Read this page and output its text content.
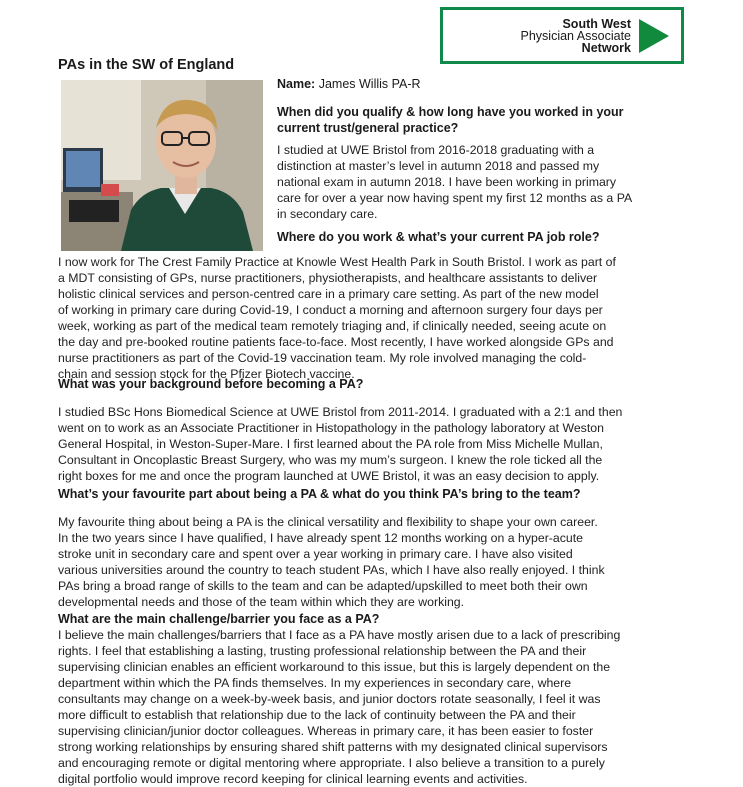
South West
Physician Associate
Network
PAs in the SW of England
Name: James Willis PA-R
When did you qualify & how long have you worked in your
current trust/general practice?
I studied at UWE Bristol from 2016-2018 graduating with a
distinction at master’s level in autumn 2018 and passed my
national exam in autumn 2018. I have been working in primary
care for over a year now having spent my first 12 months as a PA
in secondary care.
Where do you work & what’s your current PA job role?
I now work for The Crest Family Practice at Knowle West Health Park in South Bristol. I work as part of
a MDT consisting of GPs, nurse practitioners, physiotherapists, and healthcare assistants to deliver
holistic clinical services and person-centred care in a primary care setting. As part of the new model
of working in primary care during Covid-19, I conduct a morning and afternoon surgery four days per
week, working as part of the medical team remotely triaging and, if clinically needed, seeing acute on
the day and pre-booked routine patients face-to-face. Most recently, I have worked alongside GPs and
nurse practitioners as part of the Covid-19 vaccination team. My role involved managing the cold-
chain and session stock for the Pfizer Biotech vaccine.
What was your background before becoming a PA?
I studied BSc Hons Biomedical Science at UWE Bristol from 2011-2014. I graduated with a 2:1 and then
went on to work as an Associate Practitioner in Histopathology in the pathology laboratory at Weston
General Hospital, in Weston-Super-Mare. I first learned about the PA role from Miss Michelle Mullan,
Consultant in Oncoplastic Breast Surgery, who was my mum’s surgeon. I knew the role ticked all the
right boxes for me and once the program launched at UWE Bristol, it was an easy decision to apply.
What’s your favourite part about being a PA & what do you think PA’s bring to the team?
My favourite thing about being a PA is the clinical versatility and flexibility to shape your own career.
In the two years since I have qualified, I have already spent 12 months working on a hyper-acute
stroke unit in secondary care and spent over a year working in primary care. I have also visited
various universities around the country to teach student PAs, which I have also really enjoyed. I think
PAs bring a broad range of skills to the team and can be adapted/upskilled to meet both their own
developmental needs and those of the team within which they are working.
What are the main challenge/barrier you face as a PA?
I believe the main challenges/barriers that I face as a PA have mostly arisen due to a lack of prescribing
rights. I feel that establishing a lasting, trusting professional relationship between the PA and their
supervising clinician enables an efficient workaround to this issue, but this is largely dependent on the
department within which the PA finds themselves. In my experiences in secondary care, where
consultants may change on a week-by-week basis, and junior doctors rotate seasonally, I feel it was
more difficult to establish that relationship due to the lack of continuity between the PA and their
supervising clinician/junior doctor colleagues. Whereas in primary care, it has been easier to foster
strong working relationships by ensuring shared shift patterns with my designated clinical supervisors
and encouraging remote or digital mentoring where appropriate. I also believe a transition to a purely
digital portfolio would improve record keeping for clinical learning events and activities.
